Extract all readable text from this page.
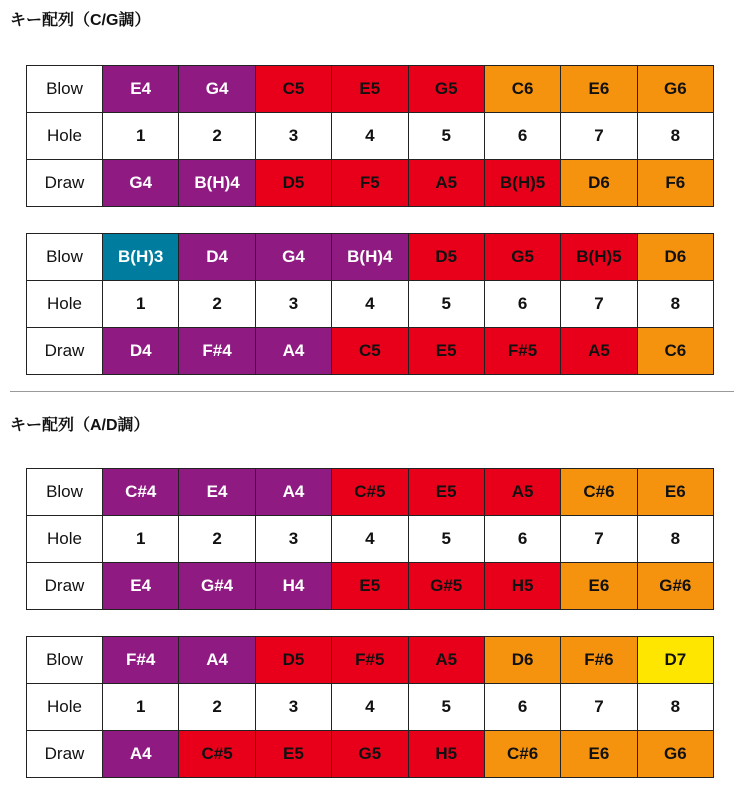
キー配列（C/G調）
Blow	E4	G4	C5	E5	G5	C6	E6	G6
Hole	1	2	3	4	5	6	7	8
Draw	G4	B(H)4	D5	F5	A5	B(H)5	D6	F6
Blow	B(H)3	D4	G4	B(H)4	D5	G5	B(H)5	D6
Hole	1	2	3	4	5	6	7	8
Draw	D4	F#4	A4	C5	E5	F#5	A5	C6
キー配列（A/D調）
Blow	C#4	E4	A4	C#5	E5	A5	C#6	E6
Hole	1	2	3	4	5	6	7	8
Draw	E4	G#4	H4	E5	G#5	H5	E6	G#6
Blow	F#4	A4	D5	F#5	A5	D6	F#6	D7
Hole	1	2	3	4	5	6	7	8
Draw	A4	C#5	E5	G5	H5	C#6	E6	G6
